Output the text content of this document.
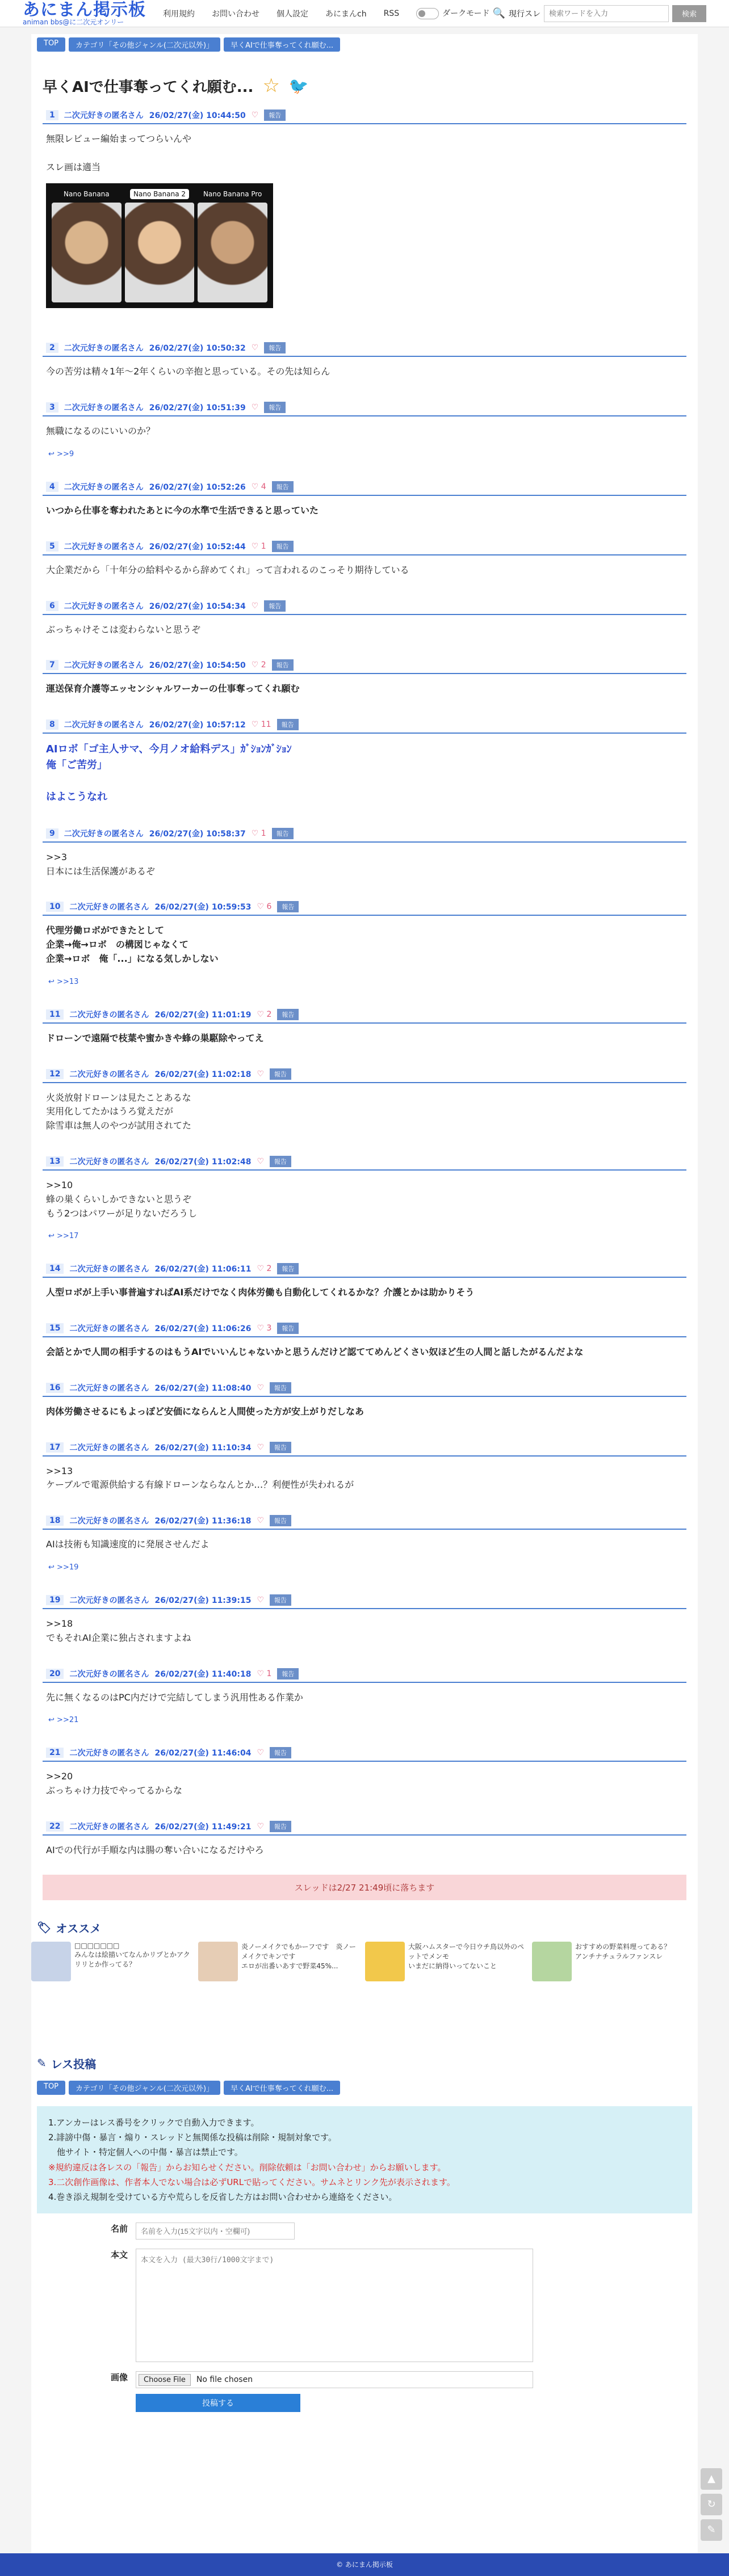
あにまん掲示板
animan bbs@に二次元オンリー
利用規約 お問い合わせ 個人設定 あにまんch RSS	ダークモード 🔍 現行スレ
検索ワードを入力	検索
TOP	カテゴリ「その他ジャンル(二次元以外)」	早くAIで仕事奪ってくれ願む...
早くAIで仕事奪ってくれ願む... ☆ 🐦
1	二次元好きの匿名さん 26/02/27(金) 10:44:50 ♡	報告
無限レビュー編始まってつらいんや

スレ画は適当
Nano Banana	Nano Banana 2	Nano Banana Pro
2	二次元好きの匿名さん 26/02/27(金) 10:50:32 ♡	報告
今の苦労は精々1年〜2年くらいの辛抱と思っている。その先は知らん
3	二次元好きの匿名さん 26/02/27(金) 10:51:39 ♡	報告
無職になるのにいいのか？
↩ >>9
4	二次元好きの匿名さん 26/02/27(金) 10:52:26 ♡ 4	報告
いつから仕事を奪われたあとに今の水準で生活できると思っていた
5	二次元好きの匿名さん 26/02/27(金) 10:52:44 ♡ 1	報告
大企業だから「十年分の給料やるから辞めてくれ」って言われるのこっそり期待している
6	二次元好きの匿名さん 26/02/27(金) 10:54:34 ♡	報告
ぶっちゃけそこは変わらないと思うぞ
7	二次元好きの匿名さん 26/02/27(金) 10:54:50 ♡ 2	報告
運送保育介護等エッセンシャルワーカーの仕事奪ってくれ願む
8	二次元好きの匿名さん 26/02/27(金) 10:57:12 ♡ 11	報告
AIロボ「ゴ主人サマ、今月ノオ給料デス」ｶﾞｼｮﾝｶﾞｼｮﾝ
俺「ご苦労」

はよこうなれ
9	二次元好きの匿名さん 26/02/27(金) 10:58:37 ♡ 1	報告
>>3
日本には生活保護があるぞ
10	二次元好きの匿名さん 26/02/27(金) 10:59:53 ♡ 6	報告
代理労働ロボができたとして
企業→俺→ロボ　の構図じゃなくて
企業→ロボ　俺「...」になる気しかしない
↩ >>13
11	二次元好きの匿名さん 26/02/27(金) 11:01:19 ♡ 2	報告
ドローンで遠隔で枝葉や蜜かきや蜂の巣駆除やってえ
12	二次元好きの匿名さん 26/02/27(金) 11:02:18 ♡	報告
火炎放射ドローンは見たことあるな
実用化してたかはうろ覚えだが
除雪車は無人のやつが試用されてた
13	二次元好きの匿名さん 26/02/27(金) 11:02:48 ♡	報告
>>10
蜂の巣くらいしかできないと思うぞ
もう2つはパワーが足りないだろうし
↩ >>17
14	二次元好きの匿名さん 26/02/27(金) 11:06:11 ♡ 2	報告
人型ロボが上手い事普遍すればAI系だけでなく肉体労働も自動化してくれるかな？介護とかは助かりそう
15	二次元好きの匿名さん 26/02/27(金) 11:06:26 ♡ 3	報告
会話とかで人間の相手するのはもうAIでいいんじゃないかと思うんだけど認ててめんどくさい奴ほど生の人間と話したがるんだよな
16	二次元好きの匿名さん 26/02/27(金) 11:08:40 ♡	報告
肉体労働させるにもよっぽど安価にならんと人間使った方が安上がりだしなあ
17	二次元好きの匿名さん 26/02/27(金) 11:10:34 ♡	報告
>>13
ケーブルで電源供給する有線ドローンならなんとか…？利便性が失われるが
18	二次元好きの匿名さん 26/02/27(金) 11:36:18 ♡	報告
AIは技術も知識速度的に発展させんだよ
↩ >>19
19	二次元好きの匿名さん 26/02/27(金) 11:39:15 ♡	報告
>>18
でもそれAI企業に独占されますよね
20	二次元好きの匿名さん 26/02/27(金) 11:40:18 ♡ 1	報告
先に無くなるのはPC内だけで完結してしまう汎用性ある作業か
↩ >>21
21	二次元好きの匿名さん 26/02/27(金) 11:46:04 ♡	報告
>>20
ぶっちゃけ力技でやってるからな
22	二次元好きの匿名さん 26/02/27(金) 11:49:21 ♡	報告
AIでの代行が手順な内は腸の奪い合いになるだけやろ
スレッドは2/27 21:49頃に落ちます
🏷 オススメ
□□□□□□□
みんなは絵描いてなんかリプとかアクリリとか作ってる？
炎ノーメイクでもかーフです　炎ノーメイクでキンです
エロが出番いあすで野菜45%...
大阪ハムスターで今日ウチ鳥以外のペットでメンモ
いまだに納得いってないこと
おすすめの野菜料理ってある？
アンチナチュラルファンスレ
✎ レス投稿
TOP	カテゴリ「その他ジャンル(二次元以外)」	早くAIで仕事奪ってくれ願む...
1.アンカーはレス番号をクリックで自動入力できます。
2.誹謗中傷・暴言・煽り・スレッドと無関係な投稿は削除・規制対象です。
　他サイト・特定個人への中傷・暴言は禁止です。
※規約違反は各レスの「報告」からお知らせください。削除依頼は「お問い合わせ」からお願いします。
3.二次創作画像は、作者本人でない場合は必ずURLで貼ってください。サムネとリンク先が表示されます。
4.巻き添え規制を受けている方や荒らしを反省した方はお問い合わせから連絡をください。
名前
名前を入力(15文字以内・空欄可)
本文
本文を入力 (最大30行/1000文字まで)
画像	Choose File	No file chosen
投稿する
▲
↻
✎
© あにまん掲示板
